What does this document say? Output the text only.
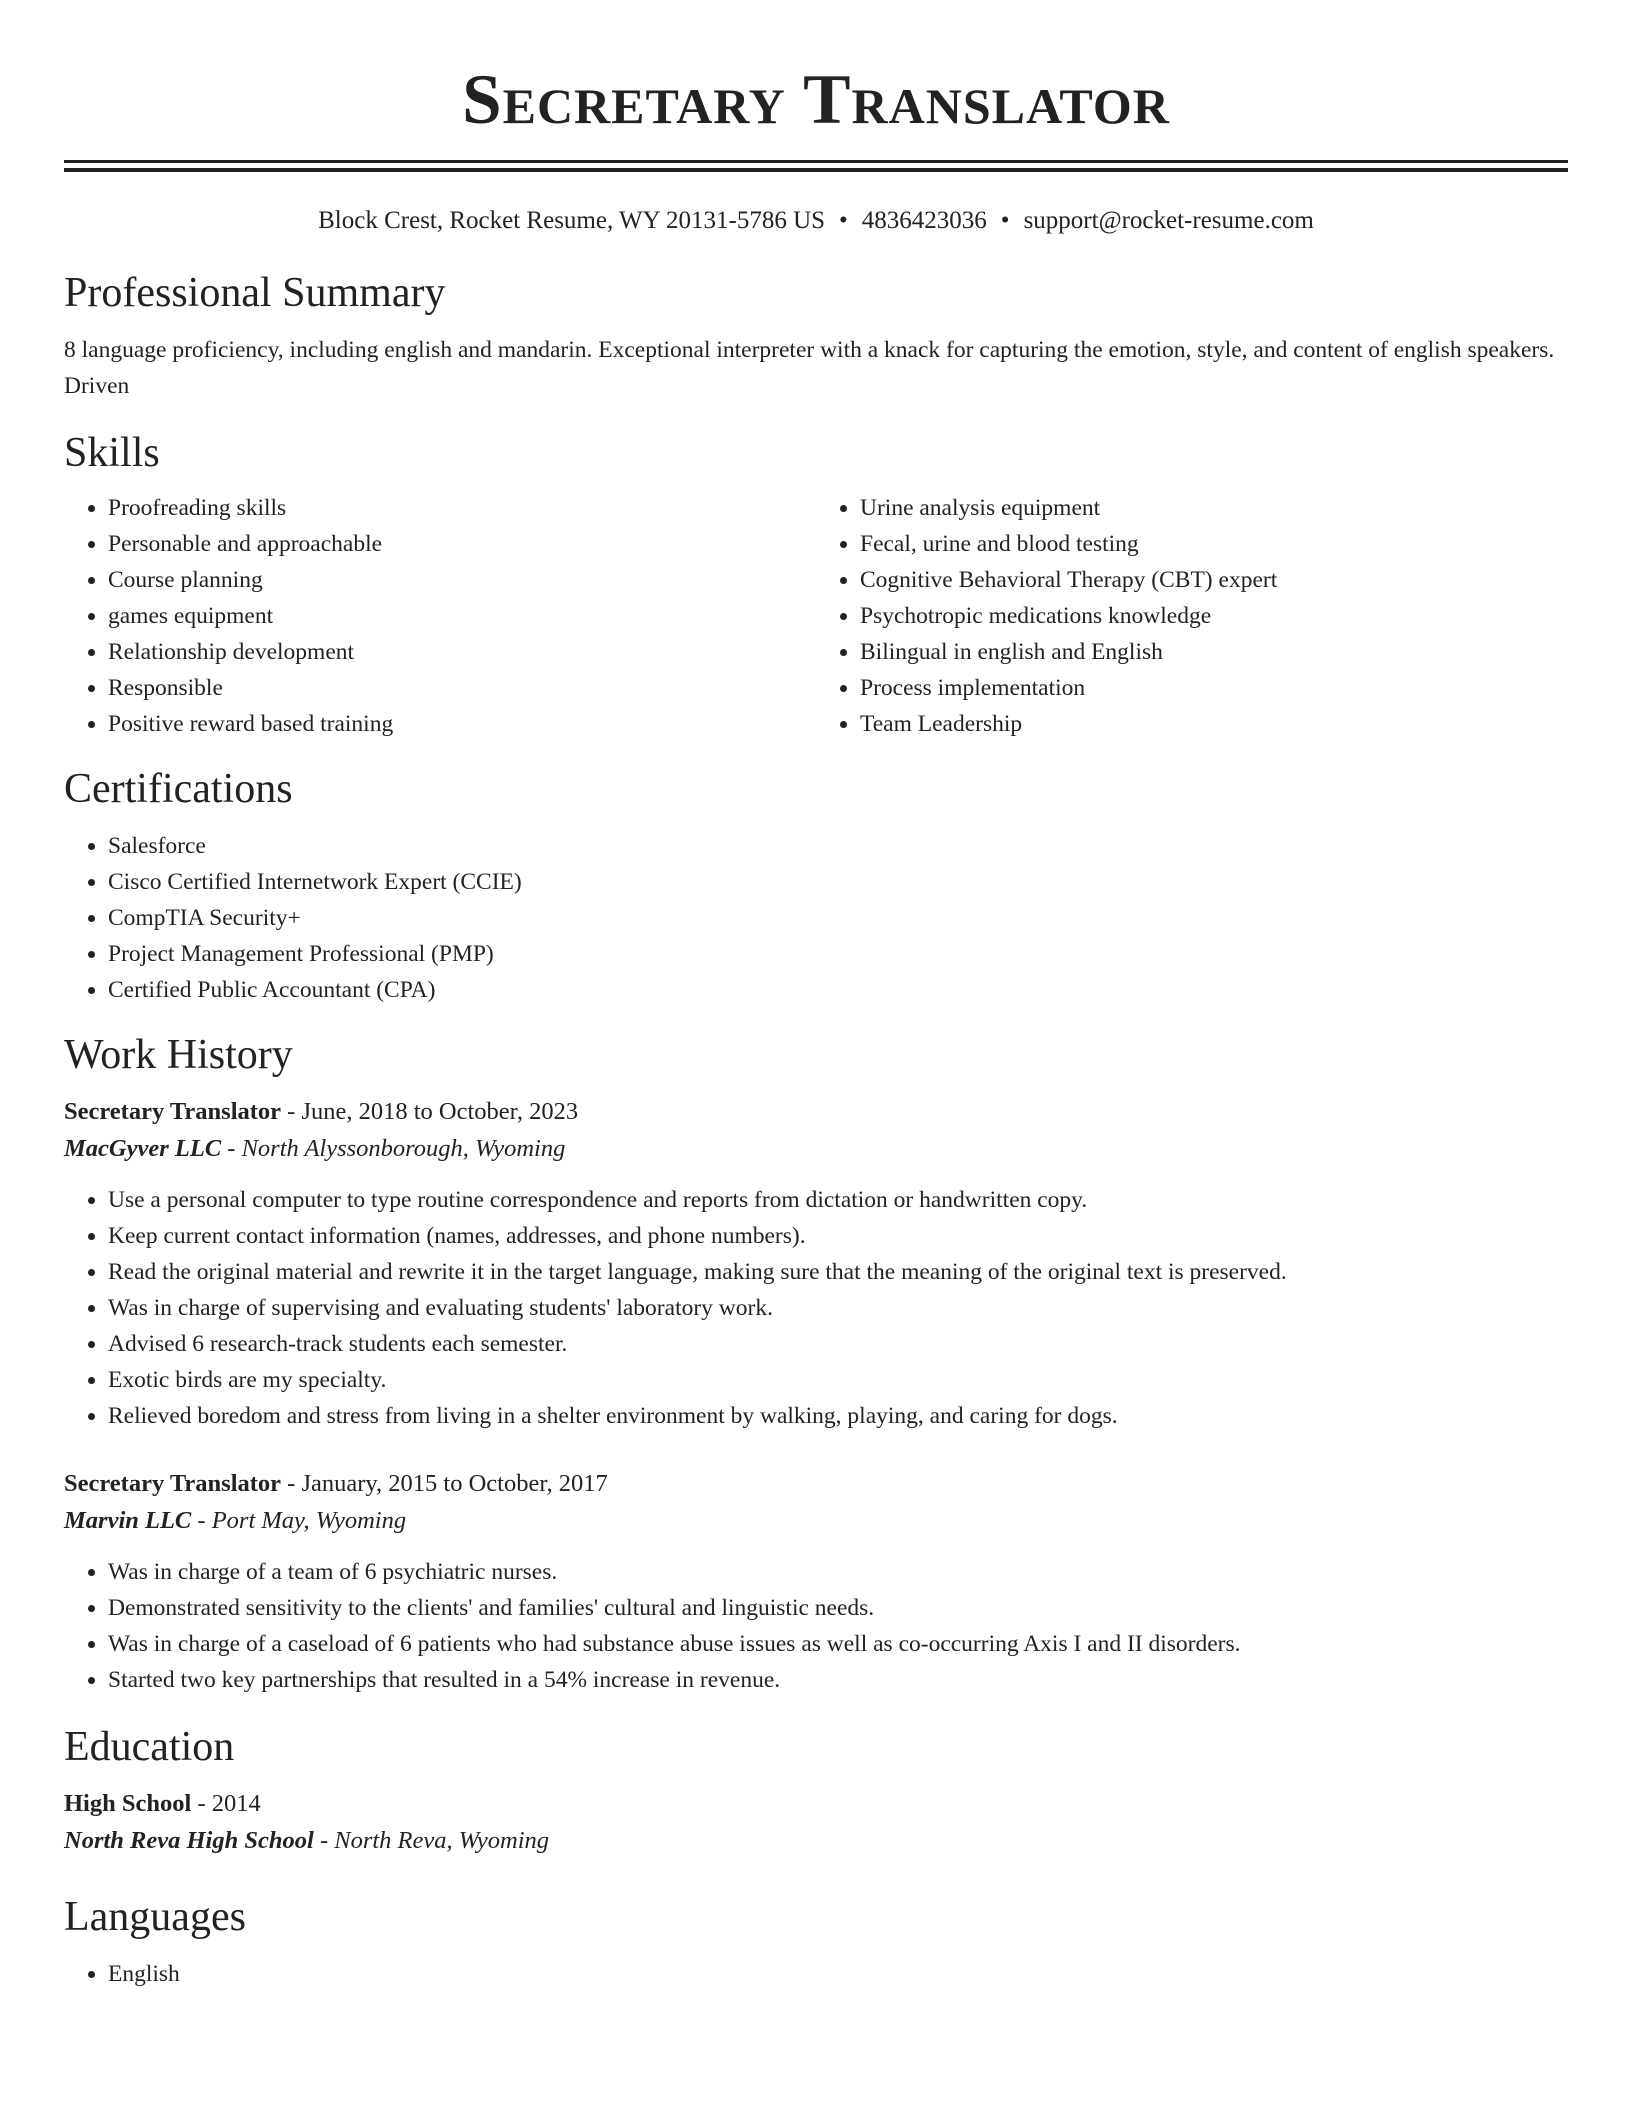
Secretary Translator
Block Crest, Rocket Resume, WY 20131-5786 US • 4836423036 • support@rocket-resume.com
Professional Summary

8 language proficiency, including english and mandarin. Exceptional interpreter with a knack for capturing the emotion, style, and content of english speakers. Driven

Skills
• Proofreading skills
• Personable and approachable
• Course planning
• games equipment
• Relationship development
• Responsible
• Positive reward based training
• Urine analysis equipment
• Fecal, urine and blood testing
• Cognitive Behavioral Therapy (CBT) expert
• Psychotropic medications knowledge
• Bilingual in english and English
• Process implementation
• Team Leadership
Certifications
• Salesforce
• Cisco Certified Internetwork Expert (CCIE)
• CompTIA Security+
• Project Management Professional (PMP)
• Certified Public Accountant (CPA)
Work History
Secretary Translator - June, 2018 to October, 2023
MacGyver LLC - North Alyssonborough, Wyoming
• Use a personal computer to type routine correspondence and reports from dictation or handwritten copy.
• Keep current contact information (names, addresses, and phone numbers).
• Read the original material and rewrite it in the target language, making sure that the meaning of the original text is preserved.
• Was in charge of supervising and evaluating students' laboratory work.
• Advised 6 research-track students each semester.
• Exotic birds are my specialty.
• Relieved boredom and stress from living in a shelter environment by walking, playing, and caring for dogs.
Secretary Translator - January, 2015 to October, 2017
Marvin LLC - Port May, Wyoming
• Was in charge of a team of 6 psychiatric nurses.
• Demonstrated sensitivity to the clients' and families' cultural and linguistic needs.
• Was in charge of a caseload of 6 patients who had substance abuse issues as well as co-occurring Axis I and II disorders.
• Started two key partnerships that resulted in a 54% increase in revenue.
Education
High School - 2014
North Reva High School - North Reva, Wyoming
Languages
• English
